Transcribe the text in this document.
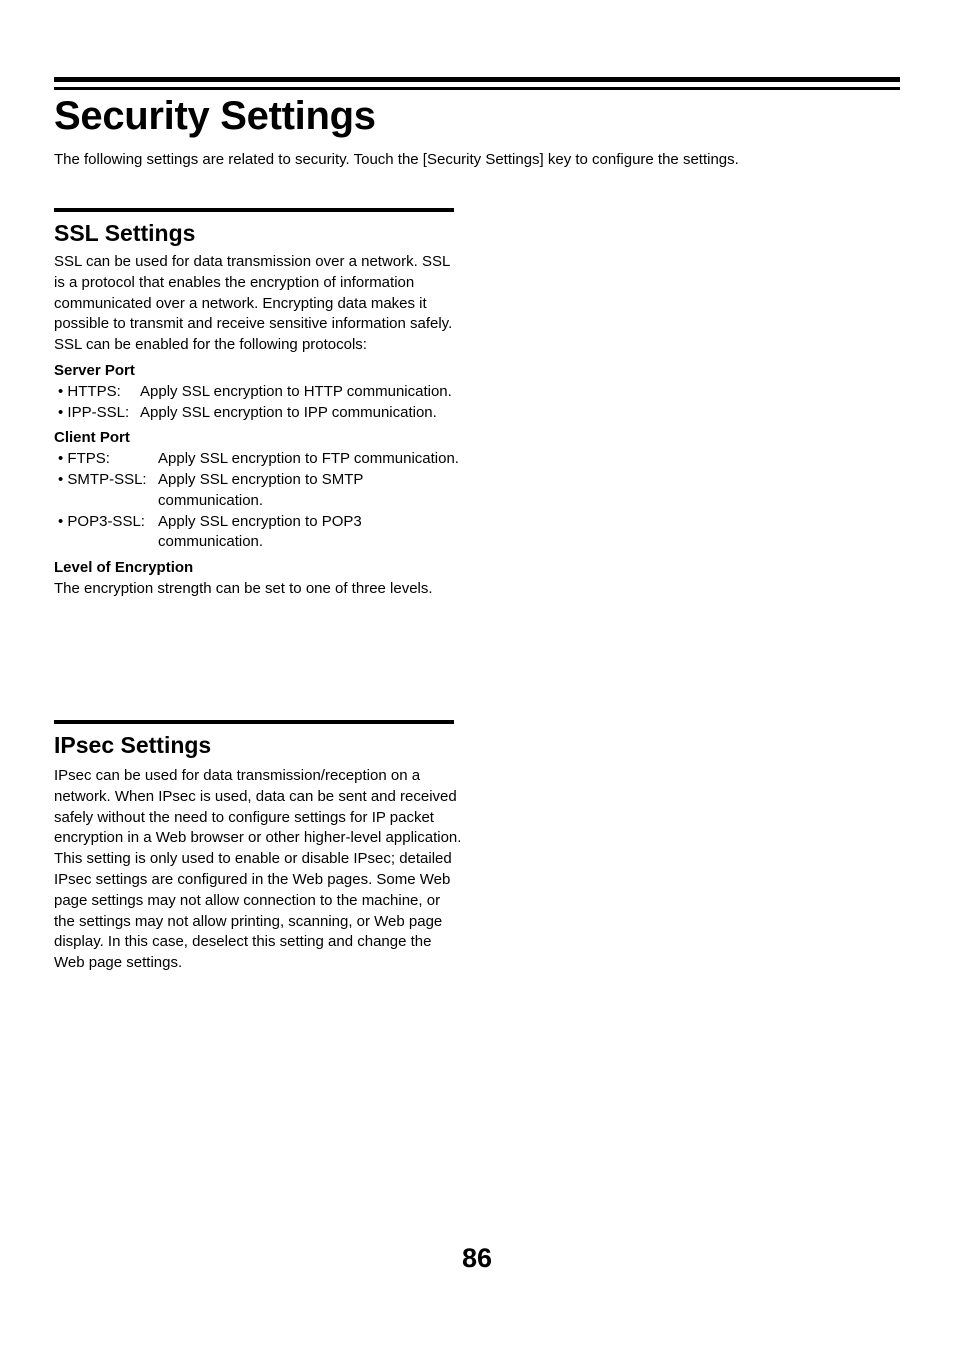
Security Settings

The following settings are related to security. Touch the [Security Settings] key to configure the settings.

SSL Settings

SSL can be used for data transmission over a network. SSL is a protocol that enables the encryption of information communicated over a network. Encrypting data makes it possible to transmit and receive sensitive information safely.

SSL can be enabled for the following protocols:

Server Port

• HTTPS:	Apply SSL encryption to HTTP communication.
• IPP-SSL: Apply SSL encryption to IPP communication.

Client Port

• FTPS:	Apply SSL encryption to FTP communication.
• SMTP-SSL: Apply SSL encryption to SMTP communication.
• POP3-SSL: Apply SSL encryption to POP3 communication.

Level of Encryption

The encryption strength can be set to one of three levels.

IPsec Settings

IPsec can be used for data transmission/reception on a network. When IPsec is used, data can be sent and received safely without the need to configure settings for IP packet encryption in a Web browser or other higher-level application.

This setting is only used to enable or disable IPsec; detailed IPsec settings are configured in the Web pages. Some Web page settings may not allow connection to the machine, or the settings may not allow printing, scanning, or Web page display. In this case, deselect this setting and change the Web page settings.

86
